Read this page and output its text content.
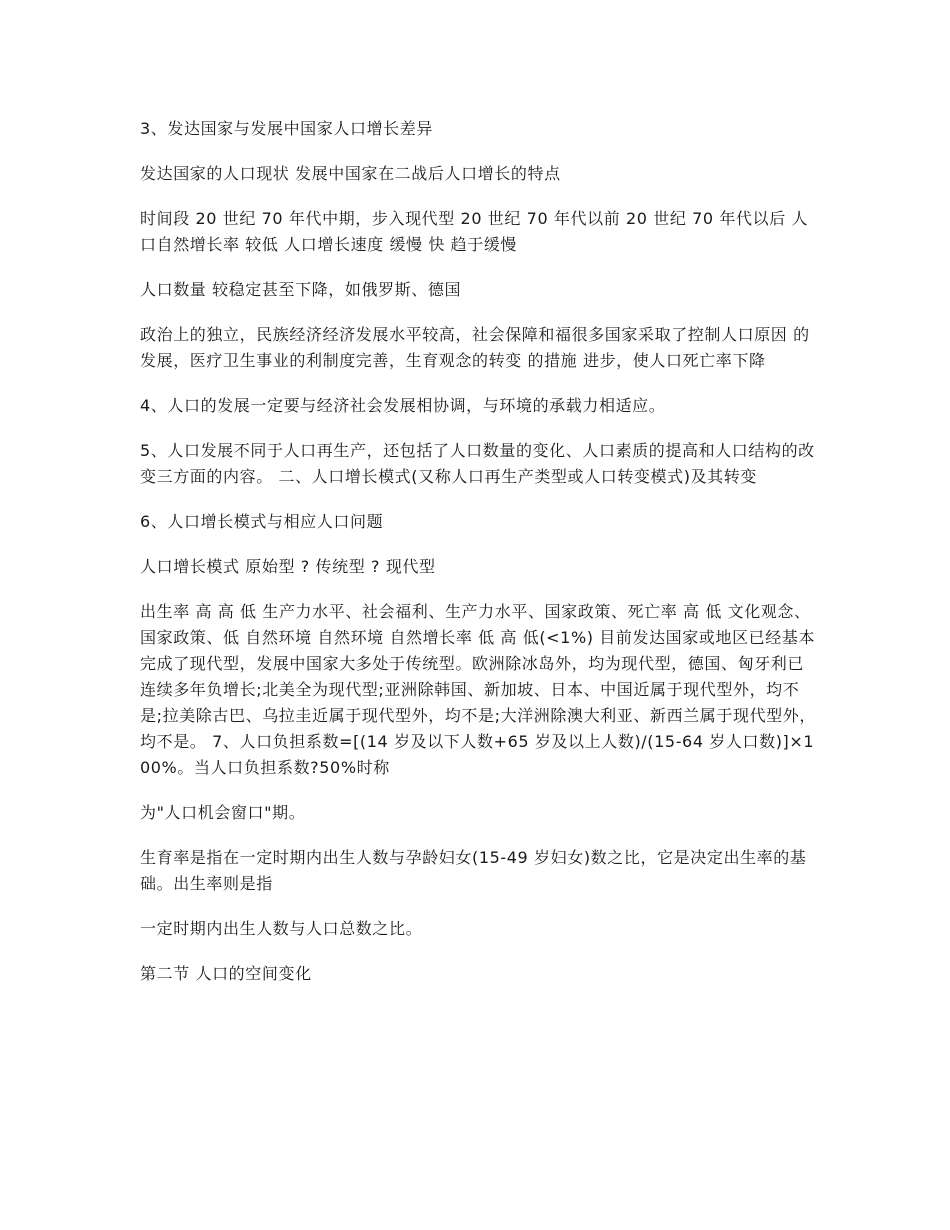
3、发达国家与发展中国家人口增长差异

发达国家的人口现状 发展中国家在二战后人口增长的特点

时间段 20 世纪 70 年代中期，步入现代型 20 世纪 70 年代以前 20 世纪 70 年代以后 人口自然增长率 较低 人口增长速度 缓慢 快 趋于缓慢

人口数量 较稳定甚至下降，如俄罗斯、德国

政治上的独立，民族经济经济发展水平较高，社会保障和福很多国家采取了控制人口原因 的发展，医疗卫生事业的利制度完善，生育观念的转变 的措施 进步，使人口死亡率下降

4、人口的发展一定要与经济社会发展相协调，与环境的承载力相适应。

5、人口发展不同于人口再生产，还包括了人口数量的变化、人口素质的提高和人口结构的改变三方面的内容。 二、人口增长模式(又称人口再生产类型或人口转变模式)及其转变

6、人口增长模式与相应人口问题

人口增长模式 原始型 ? 传统型 ? 现代型

出生率 高 高 低 生产力水平、社会福利、生产力水平、国家政策、死亡率 高 低 文化观念、国家政策、低 自然环境 自然环境 自然增长率 低 高 低(<1%) 目前发达国家或地区已经基本完成了现代型，发展中国家大多处于传统型。欧洲除冰岛外，均为现代型，德国、匈牙利已连续多年负增长;北美全为现代型;亚洲除韩国、新加坡、日本、中国近属于现代型外，均不是;拉美除古巴、乌拉圭近属于现代型外，均不是;大洋洲除澳大利亚、新西兰属于现代型外，均不是。 7、人口负担系数=[(14 岁及以下人数+65 岁及以上人数)/(15-64 岁人口数)]×100%。当人口负担系数?50%时称

为"人口机会窗口"期。

生育率是指在一定时期内出生人数与孕龄妇女(15-49 岁妇女)数之比，它是决定出生率的基础。出生率则是指

一定时期内出生人数与人口总数之比。

第二节 人口的空间变化
